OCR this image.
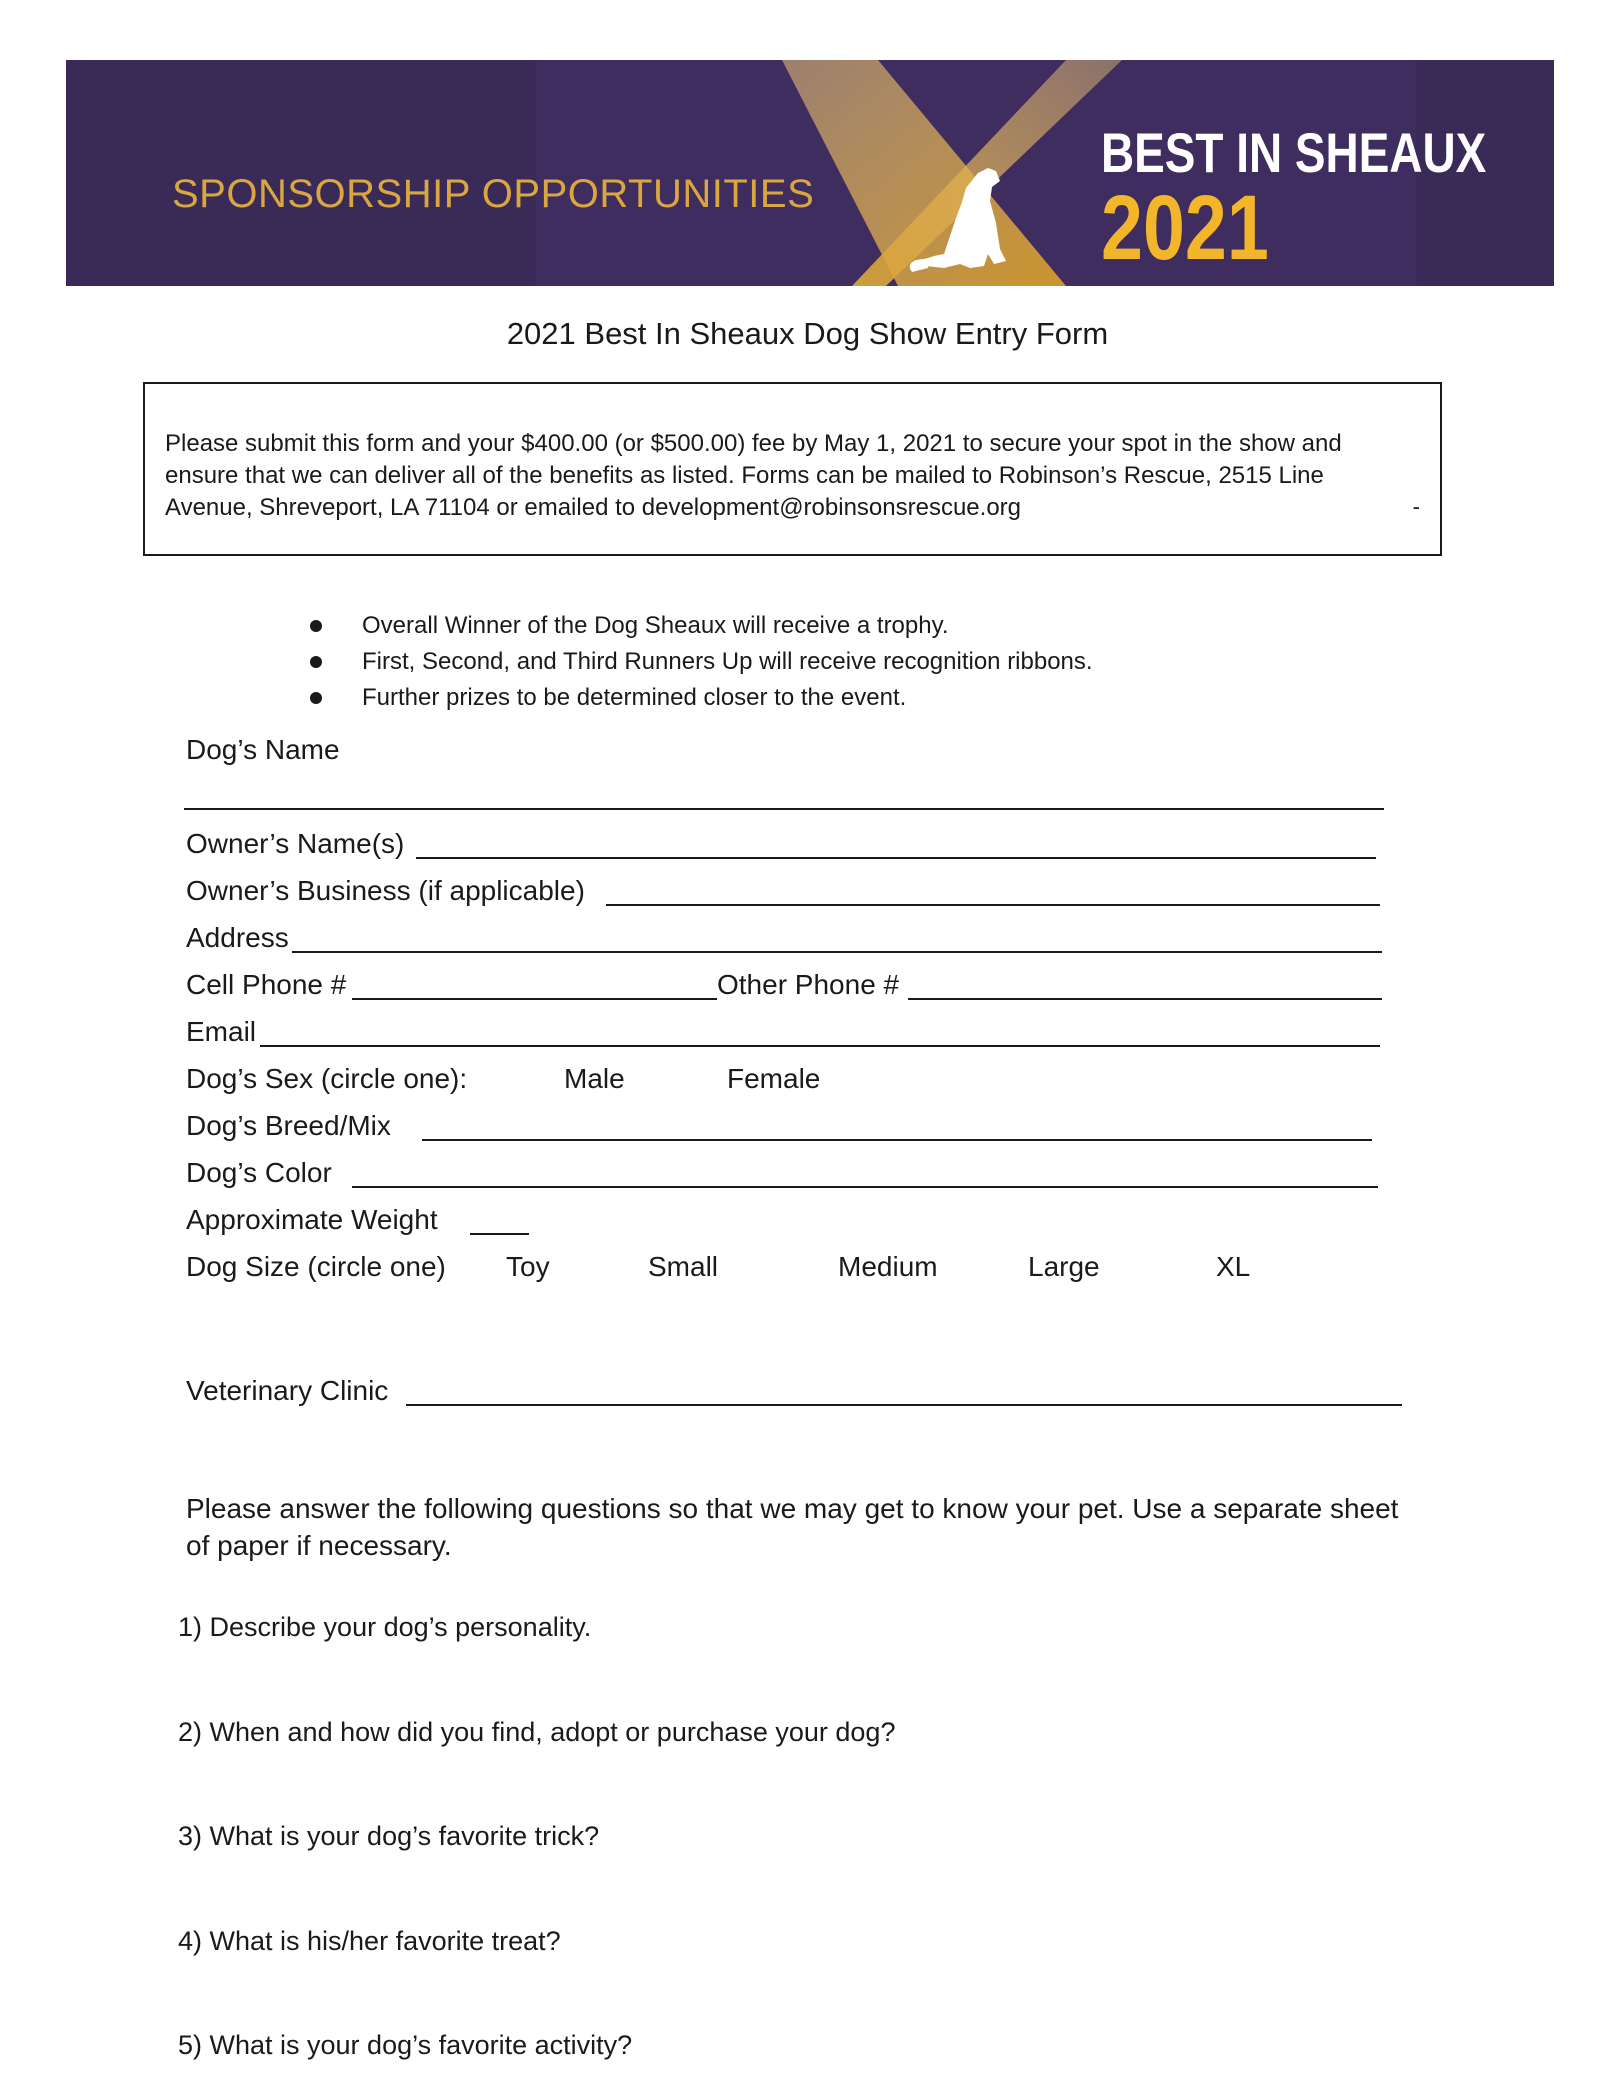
SPONSORSHIP OPPORTUNITIES
BEST IN SHEAUX
2021
2021 Best In Sheaux Dog Show Entry Form
Please submit this form and your $400.00 (or $500.00) fee by May 1, 2021 to secure your spot in the show and ensure that we can deliver all of the benefits as listed. Forms can be mailed to Robinson’s Rescue, 2515 Line Avenue, Shreveport, LA 71104 or emailed to development@robinsonsrescue.org	-
Overall Winner of the Dog Sheaux will receive a trophy.
First, Second, and Third Runners Up will receive recognition ribbons.
Further prizes to be determined closer to the event.
Dog’s Name
Owner’s Name(s)
Owner’s Business (if applicable)
Address
Cell Phone #	Other Phone #
Email
Dog’s Sex (circle one):	Male	Female
Dog’s Breed/Mix
Dog’s Color
Approximate Weight
Dog Size (circle one) Toy	Small	Medium	Large	XL
Veterinary Clinic
Please answer the following questions so that we may get to know your pet. Use a separate sheet of paper if necessary.
1) Describe your dog’s personality.
2) When and how did you find, adopt or purchase your dog?
3) What is your dog’s favorite trick?
4) What is his/her favorite treat?
5) What is your dog’s favorite activity?
